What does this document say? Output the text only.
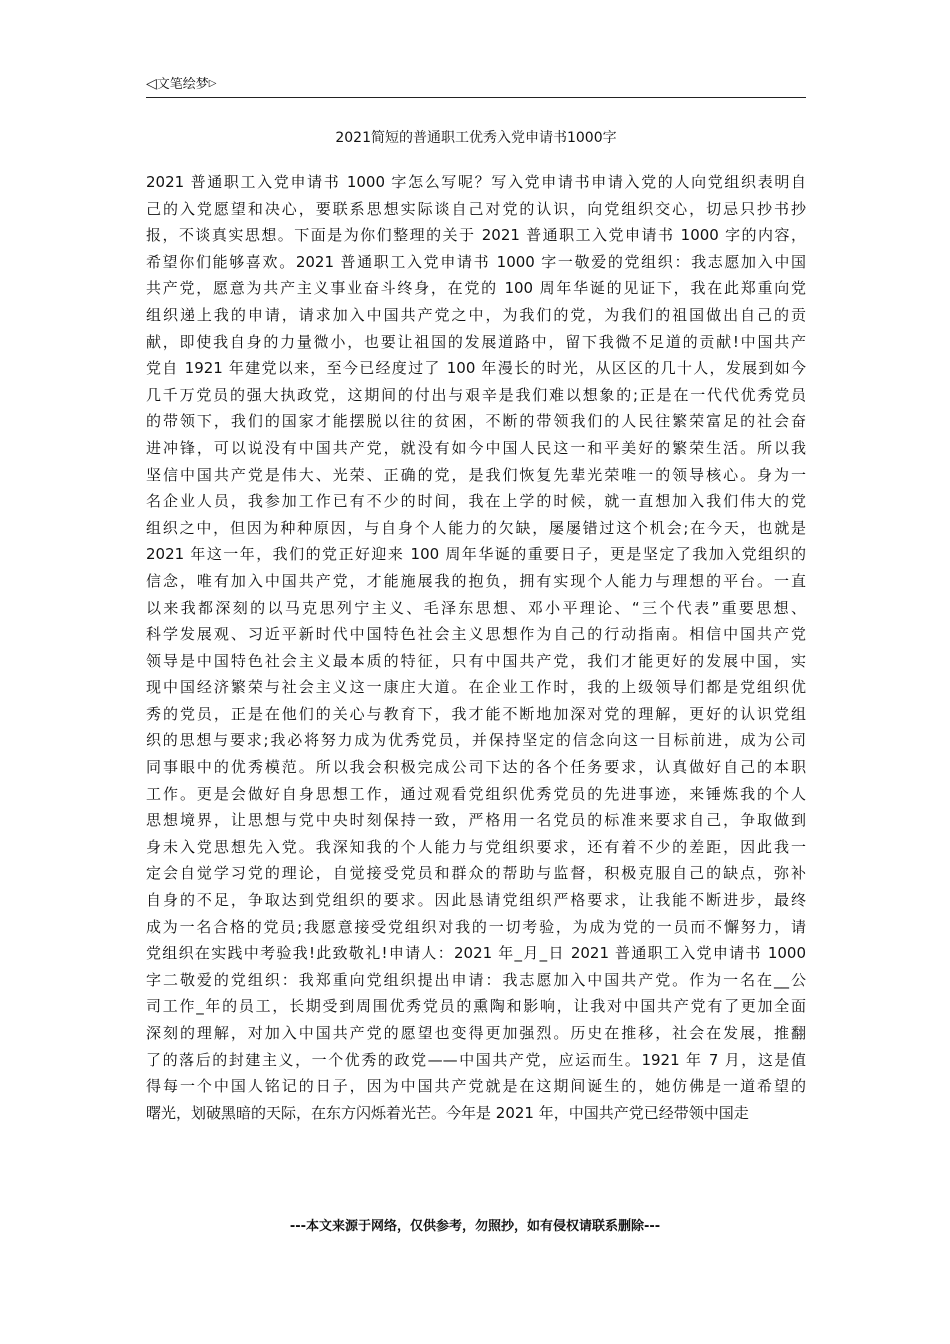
◁文笔绘梦▷
2021简短的普通职工优秀入党申请书1000字
2021 普通职工入党申请书 1000 字怎么写呢？写入党申请书申请入党的人向党组织表明自
己的入党愿望和决心，要联系思想实际谈自己对党的认识，向党组织交心，切忌只抄书抄
报，不谈真实思想。下面是为你们整理的关于 2021 普通职工入党申请书 1000 字的内容，
希望你们能够喜欢。2021 普通职工入党申请书 1000 字一敬爱的党组织：我志愿加入中国
共产党，愿意为共产主义事业奋斗终身，在党的 100 周年华诞的见证下，我在此郑重向党
组织递上我的申请，请求加入中国共产党之中，为我们的党，为我们的祖国做出自己的贡
献，即使我自身的力量微小，也要让祖国的发展道路中，留下我微不足道的贡献!中国共产
党自 1921 年建党以来，至今已经度过了 100 年漫长的时光，从区区的几十人，发展到如今
几千万党员的强大执政党，这期间的付出与艰辛是我们难以想象的;正是在一代代优秀党员
的带领下，我们的国家才能摆脱以往的贫困，不断的带领我们的人民往繁荣富足的社会奋
进冲锋，可以说没有中国共产党，就没有如今中国人民这一和平美好的繁荣生活。所以我
坚信中国共产党是伟大、光荣、正确的党，是我们恢复先辈光荣唯一的领导核心。身为一
名企业人员，我参加工作已有不少的时间，我在上学的时候，就一直想加入我们伟大的党
组织之中，但因为种种原因，与自身个人能力的欠缺，屡屡错过这个机会;在今天，也就是
2021 年这一年，我们的党正好迎来 100 周年华诞的重要日子，更是坚定了我加入党组织的
信念，唯有加入中国共产党，才能施展我的抱负，拥有实现个人能力与理想的平台。一直
以来我都深刻的以马克思列宁主义、毛泽东思想、邓小平理论、“三个代表”重要思想、
科学发展观、习近平新时代中国特色社会主义思想作为自己的行动指南。相信中国共产党
领导是中国特色社会主义最本质的特征，只有中国共产党，我们才能更好的发展中国，实
现中国经济繁荣与社会主义这一康庄大道。在企业工作时，我的上级领导们都是党组织优
秀的党员，正是在他们的关心与教育下，我才能不断地加深对党的理解，更好的认识党组
织的思想与要求;我必将努力成为优秀党员，并保持坚定的信念向这一目标前进，成为公司
同事眼中的优秀模范。所以我会积极完成公司下达的各个任务要求，认真做好自己的本职
工作。更是会做好自身思想工作，通过观看党组织优秀党员的先进事迹，来锤炼我的个人
思想境界，让思想与党中央时刻保持一致，严格用一名党员的标准来要求自己，争取做到
身未入党思想先入党。我深知我的个人能力与党组织要求，还有着不少的差距，因此我一
定会自觉学习党的理论，自觉接受党员和群众的帮助与监督，积极克服自己的缺点，弥补
自身的不足，争取达到党组织的要求。因此恳请党组织严格要求，让我能不断进步，最终
成为一名合格的党员;我愿意接受党组织对我的一切考验，为成为党的一员而不懈努力，请
党组织在实践中考验我!此致敬礼!申请人：2021 年_月_日 2021 普通职工入党申请书 1000
字二敬爱的党组织：我郑重向党组织提出申请：我志愿加入中国共产党。作为一名在__公
司工作_年的员工，长期受到周围优秀党员的熏陶和影响，让我对中国共产党有了更加全面
深刻的理解，对加入中国共产党的愿望也变得更加强烈。历史在推移，社会在发展，推翻
了的落后的封建主义，一个优秀的政党——中国共产党，应运而生。1921 年 7 月，这是值
得每一个中国人铭记的日子，因为中国共产党就是在这期间诞生的，她仿佛是一道希望的
曙光，划破黑暗的天际，在东方闪烁着光芒。今年是 2021 年，中国共产党已经带领中国走
---本文来源于网络，仅供参考，勿照抄，如有侵权请联系删除---
